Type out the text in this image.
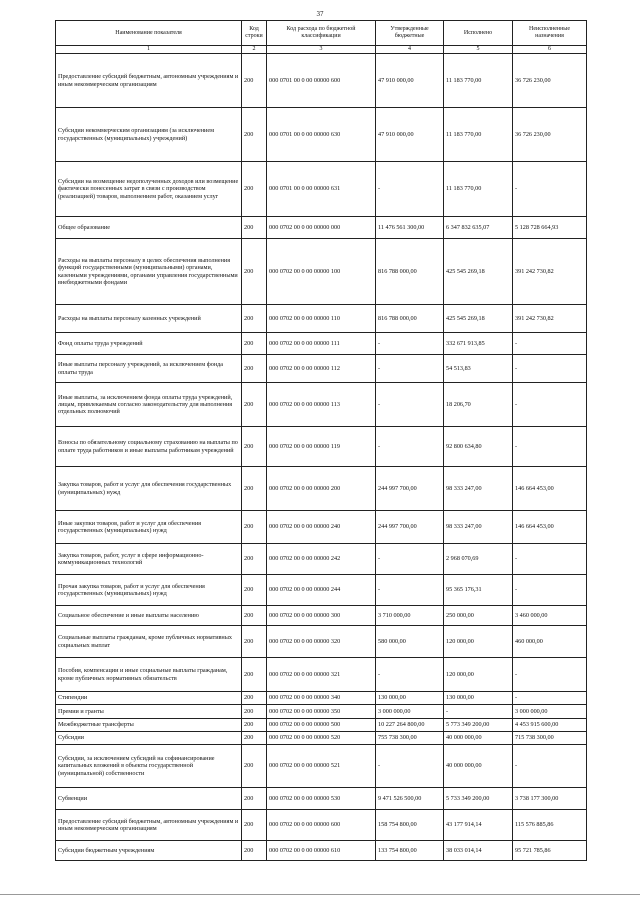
37
Наименование показателя	Код строки	Код расхода по бюджетной классификации	Утвержденные бюджетные	Исполнено	Неисполненные назначения
1	2	3	4	5	6

Предоставление субсидий бюджетным, автономным учреждениям и иным некоммерческим организациям	200	000 0701 00 0 00 00000 600	47 910 000,00	11 183 770,00	36 726 230,00

Субсидии некоммерческим организациям (за исключением государственных (муниципальных) учреждений)	200	000 0701 00 0 00 00000 630	47 910 000,00	11 183 770,00	36 726 230,00

Субсидии на возмещение недополученных доходов или возмещение фактически понесенных затрат в связи с производством (реализацией) товаров, выполнением работ, оказанием услуг	200	000 0701 00 0 00 00000 631	-	11 183 770,00	-

Общее образование	200	000 0702 00 0 00 00000 000	11 476 561 300,00	6 347 832 635,07	5 128 728 664,93

Расходы на выплаты персоналу в целях обеспечения выполнения функций государственными (муниципальными) органами, казенными учреждениями, органами управления государственными внебюджетными фондами	200	000 0702 00 0 00 00000 100	816 788 000,00	425 545 269,18	391 242 730,82

Расходы на выплаты персоналу казенных учреждений	200	000 0702 00 0 00 00000 110	816 788 000,00	425 545 269,18	391 242 730,82

Фонд оплаты труда учреждений	200	000 0702 00 0 00 00000 111	-	332 671 913,85	-

Иные выплаты персоналу учреждений, за исключением фонда оплаты труда	200	000 0702 00 0 00 00000 112	-	54 513,83	-

Иные выплаты, за исключением фонда оплаты труда учреждений, лицам, привлекаемым согласно законодательству для выполнения отдельных полномочий	200	000 0702 00 0 00 00000 113	-	18 206,70	-

Взносы по обязательному социальному страхованию на выплаты по оплате труда работников и иные выплаты работникам учреждений	200	000 0702 00 0 00 00000 119	-	92 800 634,80	-

Закупка товаров, работ и услуг для обеспечения государственных (муниципальных) нужд	200	000 0702 00 0 00 00000 200	244 997 700,00	98 333 247,00	146 664 453,00

Иные закупки товаров, работ и услуг для обеспечения государственных (муниципальных) нужд	200	000 0702 00 0 00 00000 240	244 997 700,00	98 333 247,00	146 664 453,00

Закупка товаров, работ, услуг в сфере информационно-коммуникационных технологий	200	000 0702 00 0 00 00000 242	-	2 968 070,69	-

Прочая закупка товаров, работ и услуг для обеспечения государственных (муниципальных) нужд	200	000 0702 00 0 00 00000 244	-	95 365 176,31	-

Социальное обеспечение и иные выплаты населению	200	000 0702 00 0 00 00000 300	3 710 000,00	250 000,00	3 460 000,00

Социальные выплаты гражданам, кроме публичных нормативных социальных выплат	200	000 0702 00 0 00 00000 320	580 000,00	120 000,00	460 000,00

Пособия, компенсации и иные социальные выплаты гражданам, кроме публичных нормативных обязательств	200	000 0702 00 0 00 00000 321	-	120 000,00	-

Стипендии	200	000 0702 00 0 00 00000 340	130 000,00	130 000,00	-

Премии и гранты	200	000 0702 00 0 00 00000 350	3 000 000,00	-	3 000 000,00

Межбюджетные трансферты	200	000 0702 00 0 00 00000 500	10 227 264 800,00	5 773 349 200,00	4 453 915 600,00

Субсидии	200	000 0702 00 0 00 00000 520	755 738 300,00	40 000 000,00	715 738 300,00

Субсидии, за исключением субсидий на софинансирование капитальных вложений в объекты государственной (муниципальной) собственности	200	000 0702 00 0 00 00000 521	-	40 000 000,00	-

Субвенции	200	000 0702 00 0 00 00000 530	9 471 526 500,00	5 733 349 200,00	3 738 177 300,00

Предоставление субсидий бюджетным, автономным учреждениям и иным некоммерческим организациям	200	000 0702 00 0 00 00000 600	158 754 800,00	43 177 914,14	115 576 885,86

Субсидии бюджетным учреждениям	200	000 0702 00 0 00 00000 610	133 754 800,00	38 033 014,14	95 721 785,86
